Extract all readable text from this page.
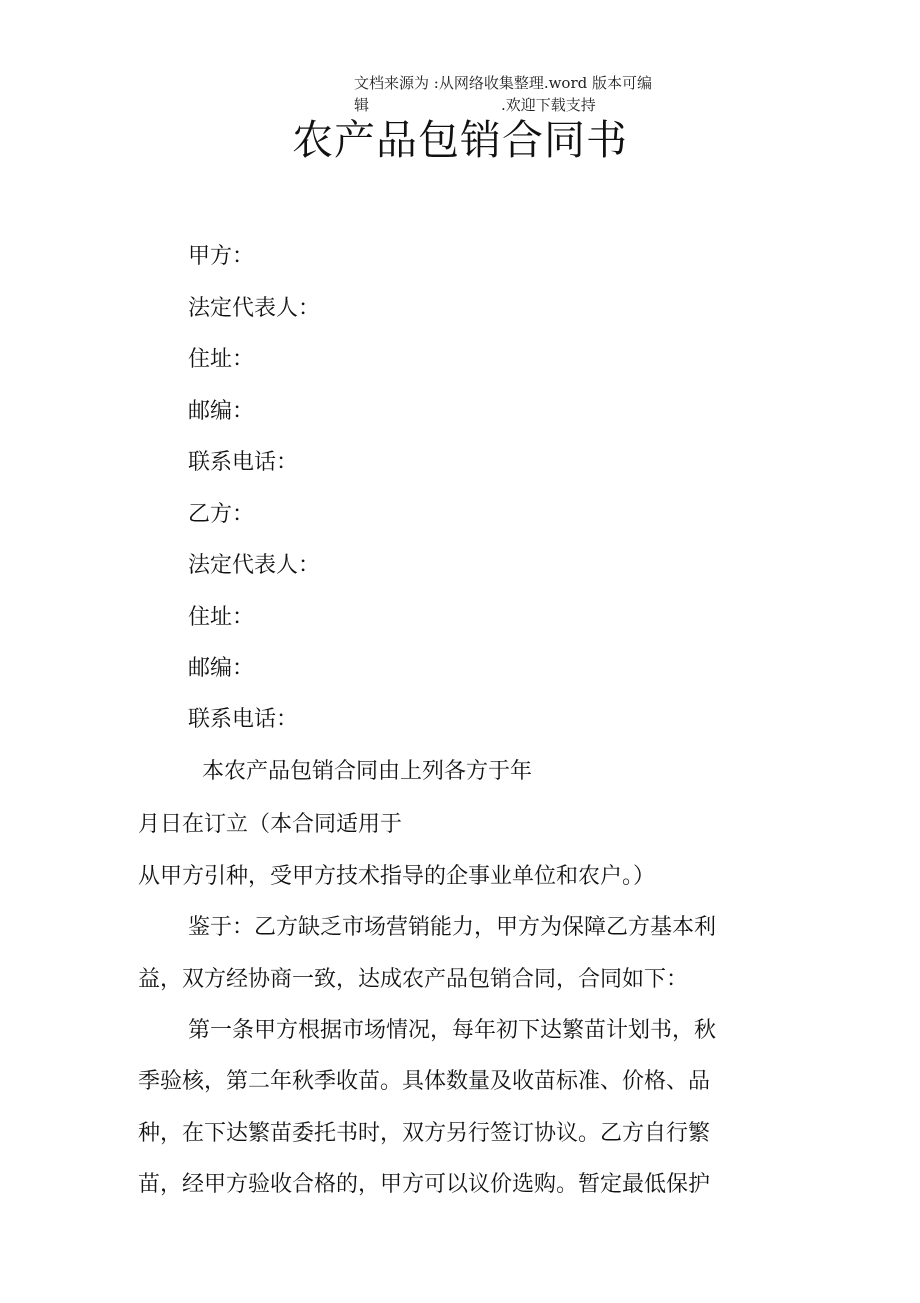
文档来源为 :从网络收集整理.word 版本可编
辑	.欢迎下载支持
农产品包销合同书
甲方：
法定代表人：
住址：
邮编：
联系电话：
乙方：
法定代表人：
住址：
邮编：
联系电话：
本农产品包销合同由上列各方于年
月日在订立（本合同适用于
从甲方引种，受甲方技术指导的企事业单位和农户。）
鉴于：乙方缺乏市场营销能力，甲方为保障乙方基本利
益，双方经协商一致，达成农产品包销合同，合同如下：
第一条甲方根据市场情况，每年初下达繁苗计划书，秋
季验核，第二年秋季收苗。具体数量及收苗标准、价格、品
种，在下达繁苗委托书时，双方另行签订协议。乙方自行繁
苗，经甲方验收合格的，甲方可以议价选购。暂定最低保护
